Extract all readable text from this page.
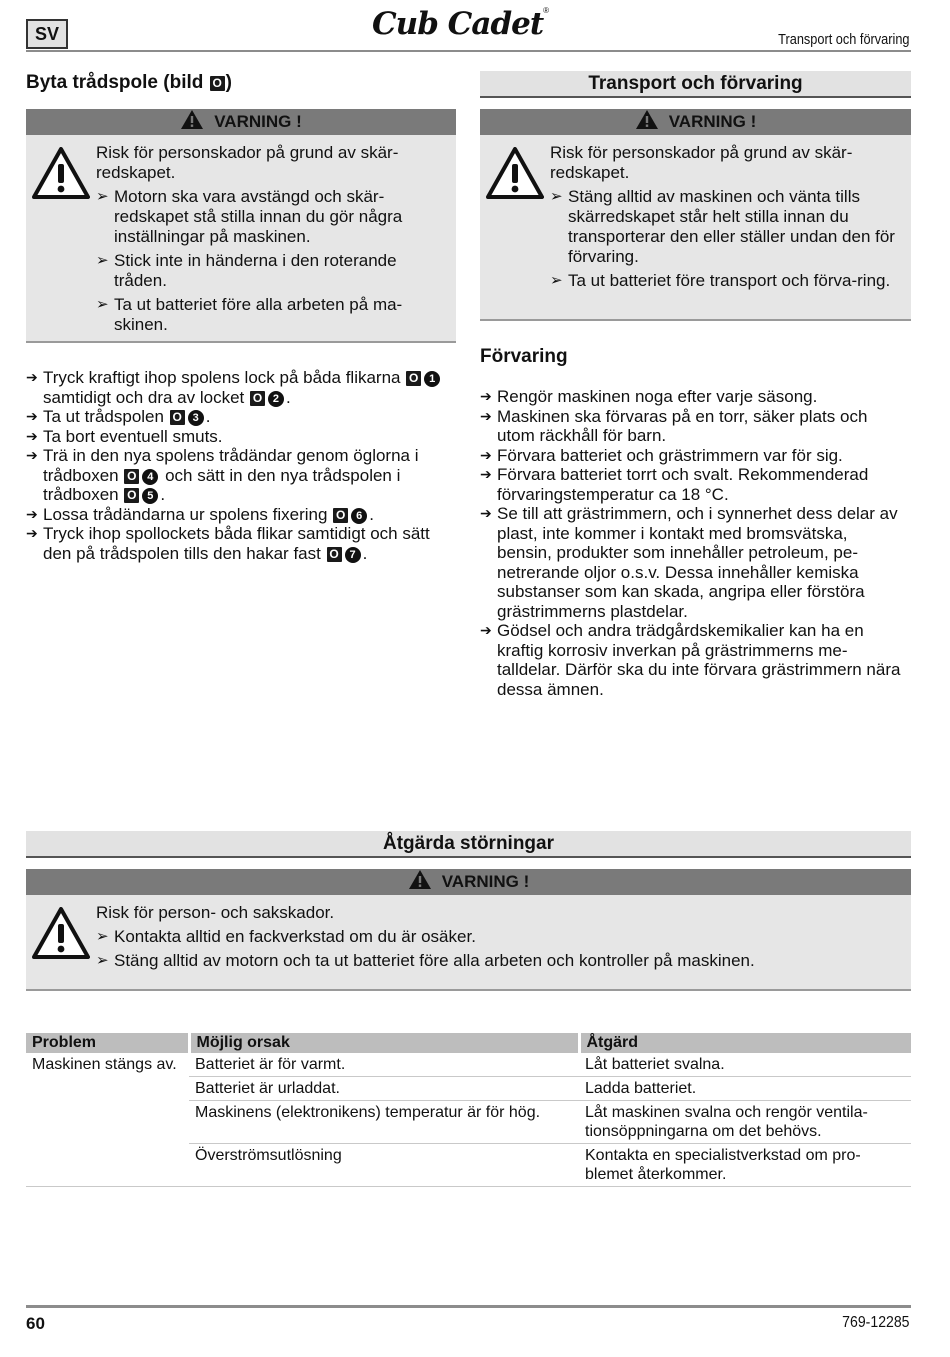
SV	Cub Cadet®
Transport och förvaring
Byta trådspole (bild O )
VARNING !

Risk för personskador på grund av skär-redskapet.

➢ Motorn ska vara avstängd och skär-redskapet stå stilla innan du gör några inställningar på maskinen.
➢ Stick inte in händerna i den roterande tråden.
➢ Ta ut batteriet före alla arbeten på ma-skinen.
➔ Tryck kraftigt ihop spolens lock på båda flikarna O 1 samtidigt och dra av locket O 2 .
➔ Ta ut trådspolen O 3 .
➔ Ta bort eventuell smuts.
➔ Trä in den nya spolens trådändar genom öglorna i trådboxen O 4 och sätt in den nya trådspolen i trådboxen O 5 .
➔ Lossa trådändarna ur spolens fixering O 6 .
➔ Tryck ihop spollockets båda flikar samtidigt och sätt den på trådspolen tills den hakar fast O 7 .
Transport och förvaring
VARNING !

Risk för personskador på grund av skär-redskapet.

➢ Stäng alltid av maskinen och vänta tills skärredskapet står helt stilla innan du transporterar den eller ställer undan den för förvaring.
➢ Ta ut batteriet före transport och förva-ring.
Förvaring
➔ Rengör maskinen noga efter varje säsong.
➔ Maskinen ska förvaras på en torr, säker plats och utom räckhåll för barn.
➔ Förvara batteriet och grästrimmern var för sig.
➔ Förvara batteriet torrt och svalt. Rekommenderad förvaringstemperatur ca 18 °C.
➔ Se till att grästrimmern, och i synnerhet dess delar av plast, inte kommer i kontakt med bromsvätska, bensin, produkter som innehåller petroleum, pe-netrerande oljor o.s.v. Dessa innehåller kemiska substanser som kan skada, angripa eller förstöra grästrimmerns plastdelar.
➔ Gödsel och andra trädgårdskemikalier kan ha en kraftig korrosiv inverkan på grästrimmerns me-talldelar. Därför ska du inte förvara grästrimmern nära dessa ämnen.
Åtgärda störningar
VARNING !

Risk för person- och sakskador.

➢ Kontakta alltid en fackverkstad om du är osäker.
➢ Stäng alltid av motorn och ta ut batteriet före alla arbeten och kontroller på maskinen.
Problem	Möjlig orsak	Åtgärd
Maskinen stängs av.	Batteriet är för varmt.	Låt batteriet svalna.
	Batteriet är urladdat.	Ladda batteriet.
	Maskinens (elektronikens) temperatur är för hög.	Låt maskinen svalna och rengör ventila-tionsöppningarna om det behövs.
	Överströmsutlösning	Kontakta en specialistverkstad om pro-blemet återkommer.
60	769-12285
